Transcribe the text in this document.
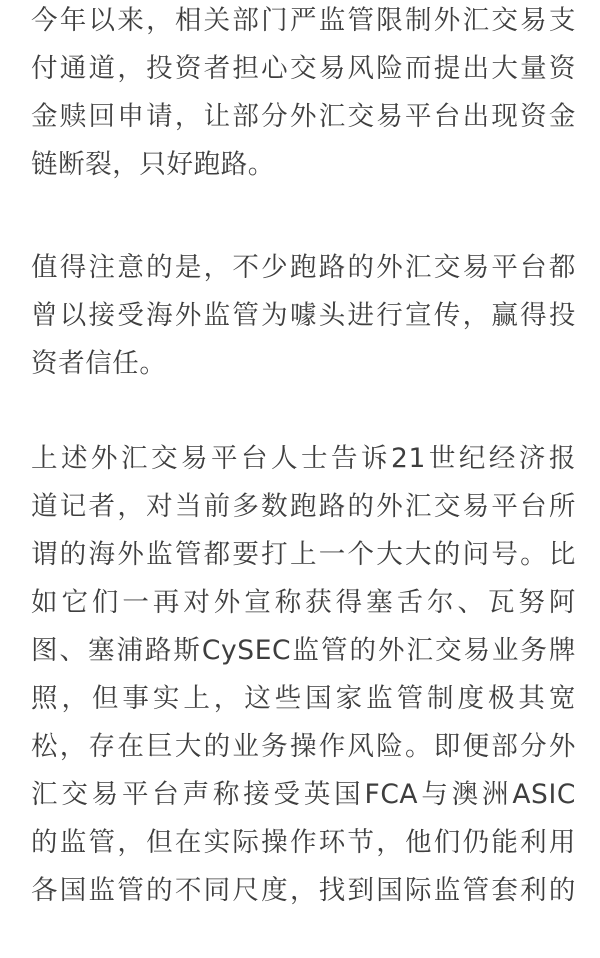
今年以来，相关部门严监管限制外汇交易支
付通道，投资者担心交易风险而提出大量资
金赎回申请，让部分外汇交易平台出现资金
链断裂，只好跑路。
值得注意的是，不少跑路的外汇交易平台都
曾以接受海外监管为噱头进行宣传，赢得投
资者信任。
上述外汇交易平台人士告诉21世纪经济报
道记者，对当前多数跑路的外汇交易平台所
谓的海外监管都要打上一个大大的问号。比
如它们一再对外宣称获得塞舌尔、瓦努阿
图、塞浦路斯CySEC监管的外汇交易业务牌
照，但事实上，这些国家监管制度极其宽
松，存在巨大的业务操作风险。即便部分外
汇交易平台声称接受英国FCA与澳洲ASIC
的监管，但在实际操作环节，他们仍能利用
各国监管的不同尺度，找到国际监管套利的
